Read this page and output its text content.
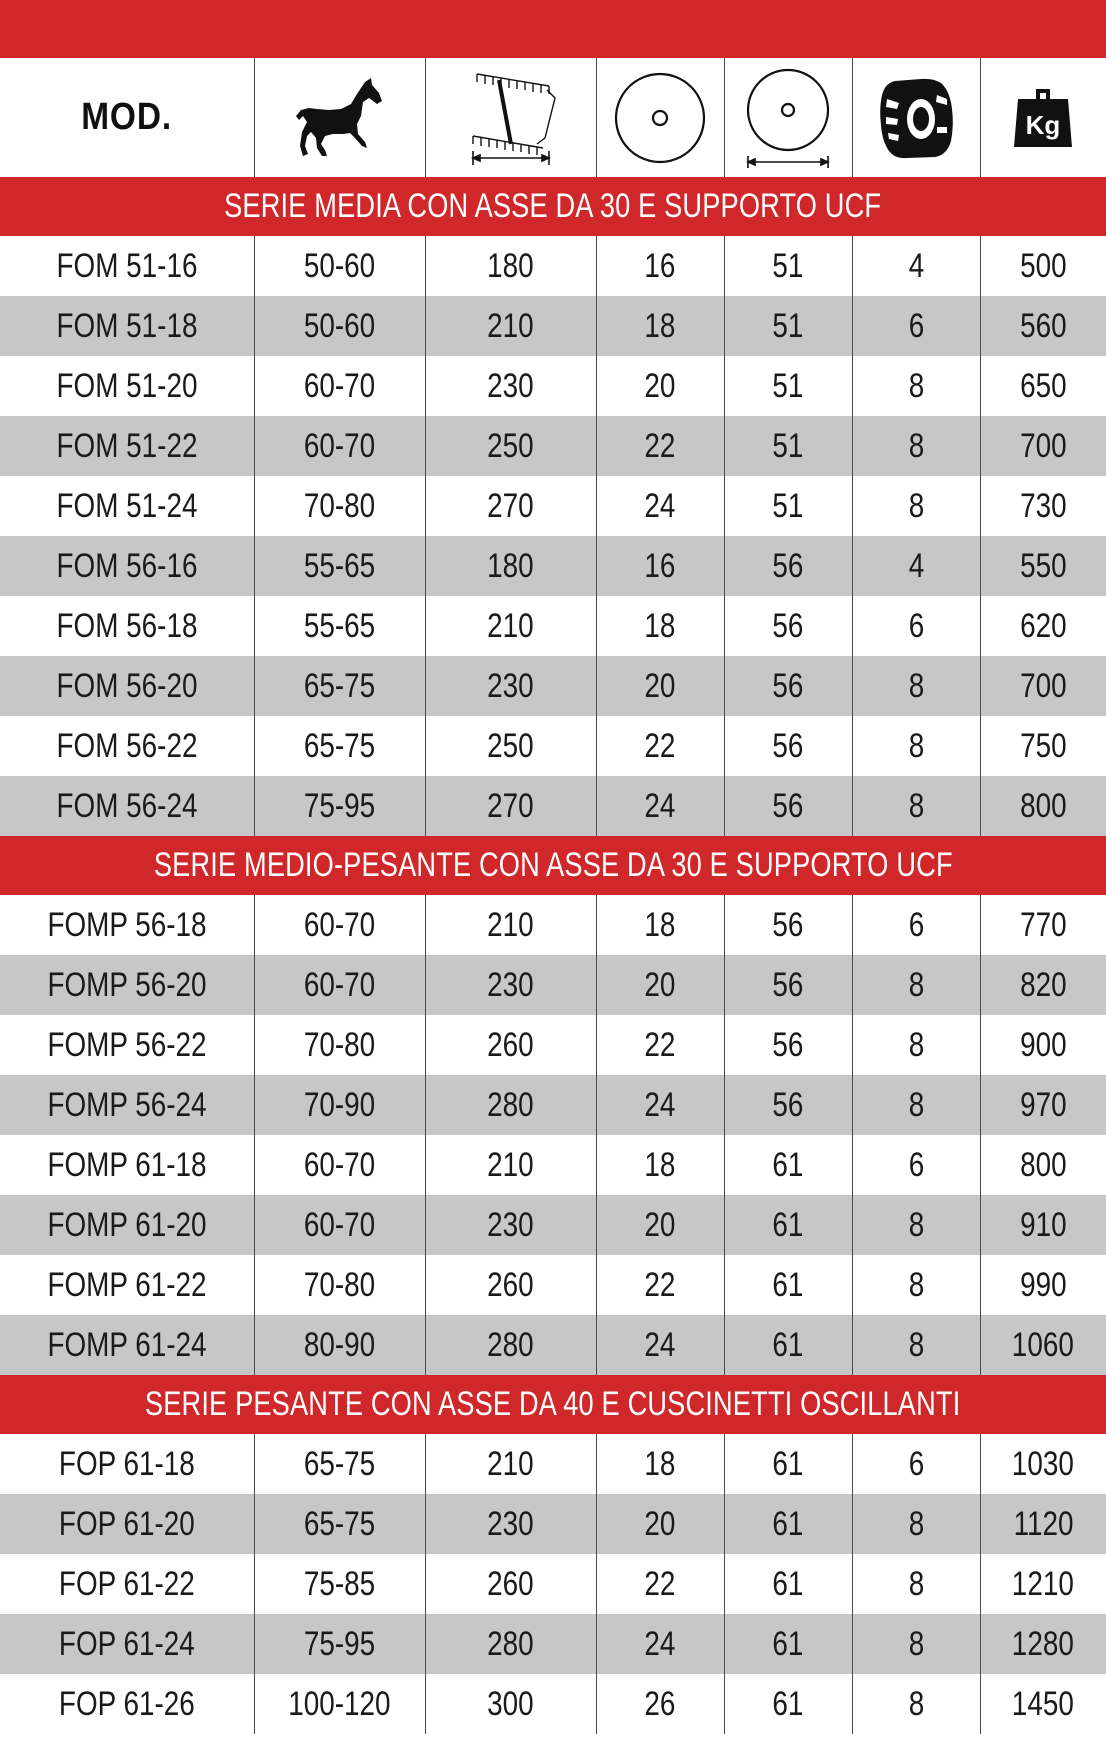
MOD.						Kg

SERIE MEDIA CON ASSE DA 30 E SUPPORTO UCF						
FOM 51-16	50-60	180	16	51	4	500
FOM 51-18	50-60	210	18	51	6	560
FOM 51-20	60-70	230	20	51	8	650
FOM 51-22	60-70	250	22	51	8	700
FOM 51-24	70-80	270	24	51	8	730
FOM 56-16	55-65	180	16	56	4	550
FOM 56-18	55-65	210	18	56	6	620
FOM 56-20	65-75	230	20	56	8	700
FOM 56-22	65-75	250	22	56	8	750
FOM 56-24	75-95	270	24	56	8	800
SERIE MEDIO-PESANTE CON ASSE DA 30 E SUPPORTO UCF						
FOMP 56-18	60-70	210	18	56	6	770
FOMP 56-20	60-70	230	20	56	8	820
FOMP 56-22	70-80	260	22	56	8	900
FOMP 56-24	70-90	280	24	56	8	970
FOMP 61-18	60-70	210	18	61	6	800
FOMP 61-20	60-70	230	20	61	8	910
FOMP 61-22	70-80	260	22	61	8	990
FOMP 61-24	80-90	280	24	61	8	1060
SERIE PESANTE CON ASSE DA 40 E CUSCINETTI OSCILLANTI						
FOP 61-18	65-75	210	18	61	6	1030
FOP 61-20	65-75	230	20	61	8	1120
FOP 61-22	75-85	260	22	61	8	1210
FOP 61-24	75-95	280	24	61	8	1280
FOP 61-26	100-120	300	26	61	8	1450
